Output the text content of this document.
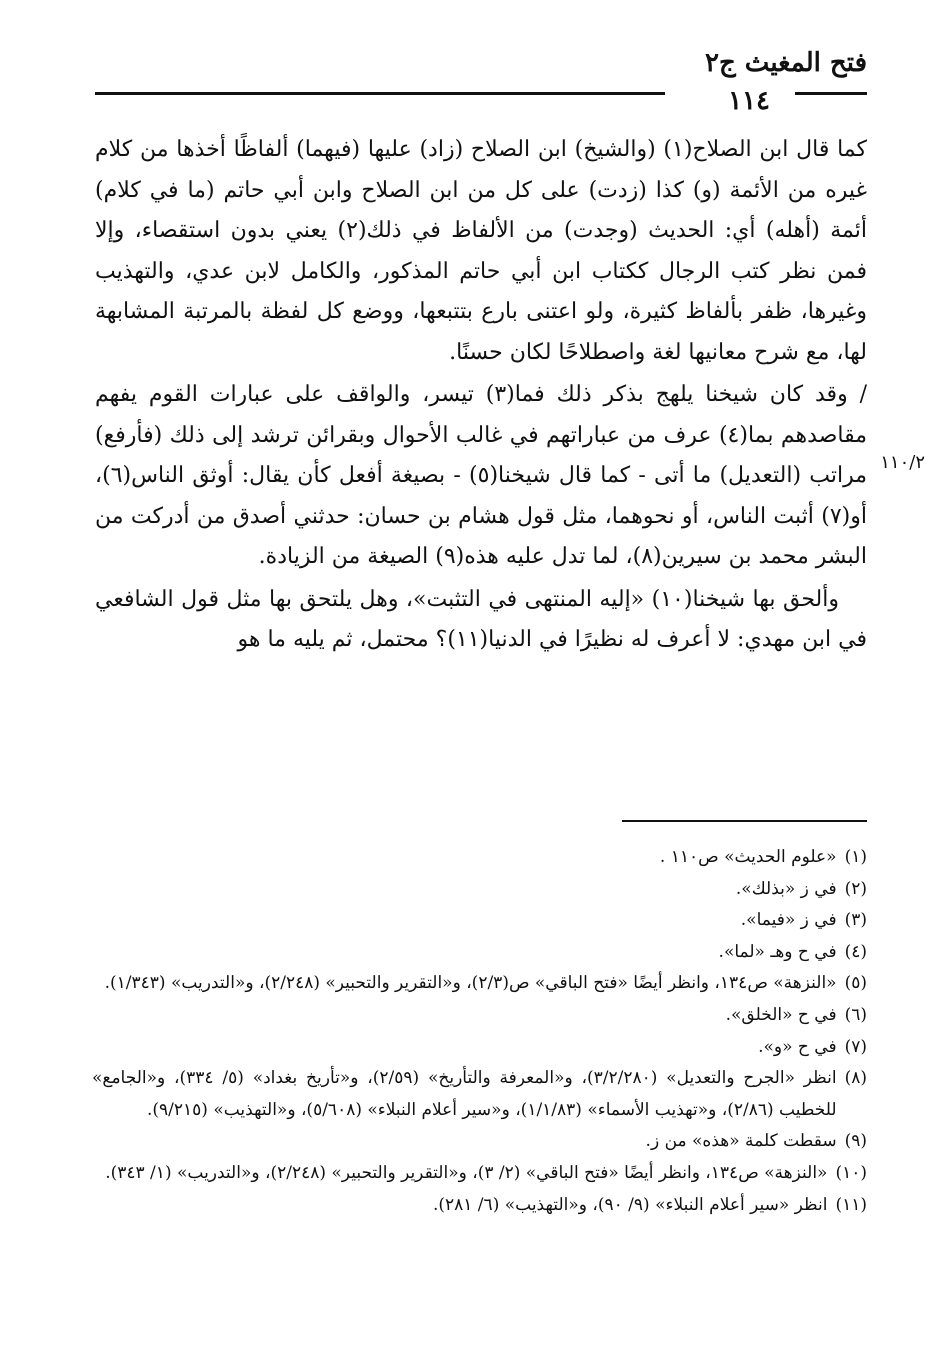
فتح المغيث ج٢
١١٤
١١٠/٢

كما قال ابن الصلاح(١) (والشيخ) ابن الصلاح (زاد) عليها (فيهما) ألفاظًا أخذها من كلام غيره من الأئمة (و) كذا (زدت) على كل من ابن الصلاح وابن أبي حاتم (ما في كلام) أئمة (أهله) أي: الحديث (وجدت) من الألفاظ في ذلك(٢) يعني بدون استقصاء، وإلا فمن نظر كتب الرجال ككتاب ابن أبي حاتم المذكور، والكامل لابن عدي، والتهذيب وغيرها، ظفر بألفاظ كثيرة، ولو اعتنى بارع بتتبعها، ووضع كل لفظة بالمرتبة المشابهة لها، مع شرح معانيها لغة واصطلاحًا لكان حسنًا.

/ وقد كان شيخنا يلهج بذكر ذلك فما(٣) تيسر، والواقف على عبارات القوم يفهم مقاصدهم بما(٤) عرف من عباراتهم في غالب الأحوال وبقرائن ترشد إلى ذلك (فأرفع) مراتب (التعديل) ما أتى - كما قال شيخنا(٥) - بصيغة أفعل كأن يقال: أوثق الناس(٦)، أو(٧) أثبت الناس، أو نحوهما، مثل قول هشام بن حسان: حدثني أصدق من أدركت من البشر محمد بن سيرين(٨)، لما تدل عليه هذه(٩) الصيغة من الزيادة.

وألحق بها شيخنا(١٠) «إليه المنتهى في التثبت»، وهل يلتحق بها مثل قول الشافعي في ابن مهدي: لا أعرف له نظيرًا في الدنيا(١١)؟ محتمل، ثم يليه ما هو

(١)
«علوم الحديث» ص١١٠ .
(٢)
في ز «بذلك».
(٣)
في ز «فيما».
(٤)
في ح وهـ «لما».
(٥)
«النزهة» ص١٣٤، وانظر أيضًا «فتح الباقي» ص(٢/٣)، و«التقرير والتحبير» (٢/٢٤٨)، و«التدريب» (١/٣٤٣).
(٦)
في ح «الخلق».
(٧)
في ح «و».
(٨)
انظر «الجرح والتعديل» (٣/٢/٢٨٠)، و«المعرفة والتأريخ» (٢/٥٩)، و«تأريخ بغداد» (٥/ ٣٣٤)، و«الجامع» للخطيب (٢/٨٦)، و«تهذيب الأسماء» (١/١/٨٣)، و«سير أعلام النبلاء» (٥/٦٠٨)، و«التهذيب» (٩/٢١٥).
(٩)
سقطت كلمة «هذه» من ز.
(١٠)
«النزهة» ص١٣٤، وانظر أيضًا «فتح الباقي» (٢/ ٣)، و«التقرير والتحبير» (٢/٢٤٨)، و«التدريب» (١/ ٣٤٣).
(١١)
انظر «سير أعلام النبلاء» (٩/ ٩٠)، و«التهذيب» (٦/ ٢٨١).
